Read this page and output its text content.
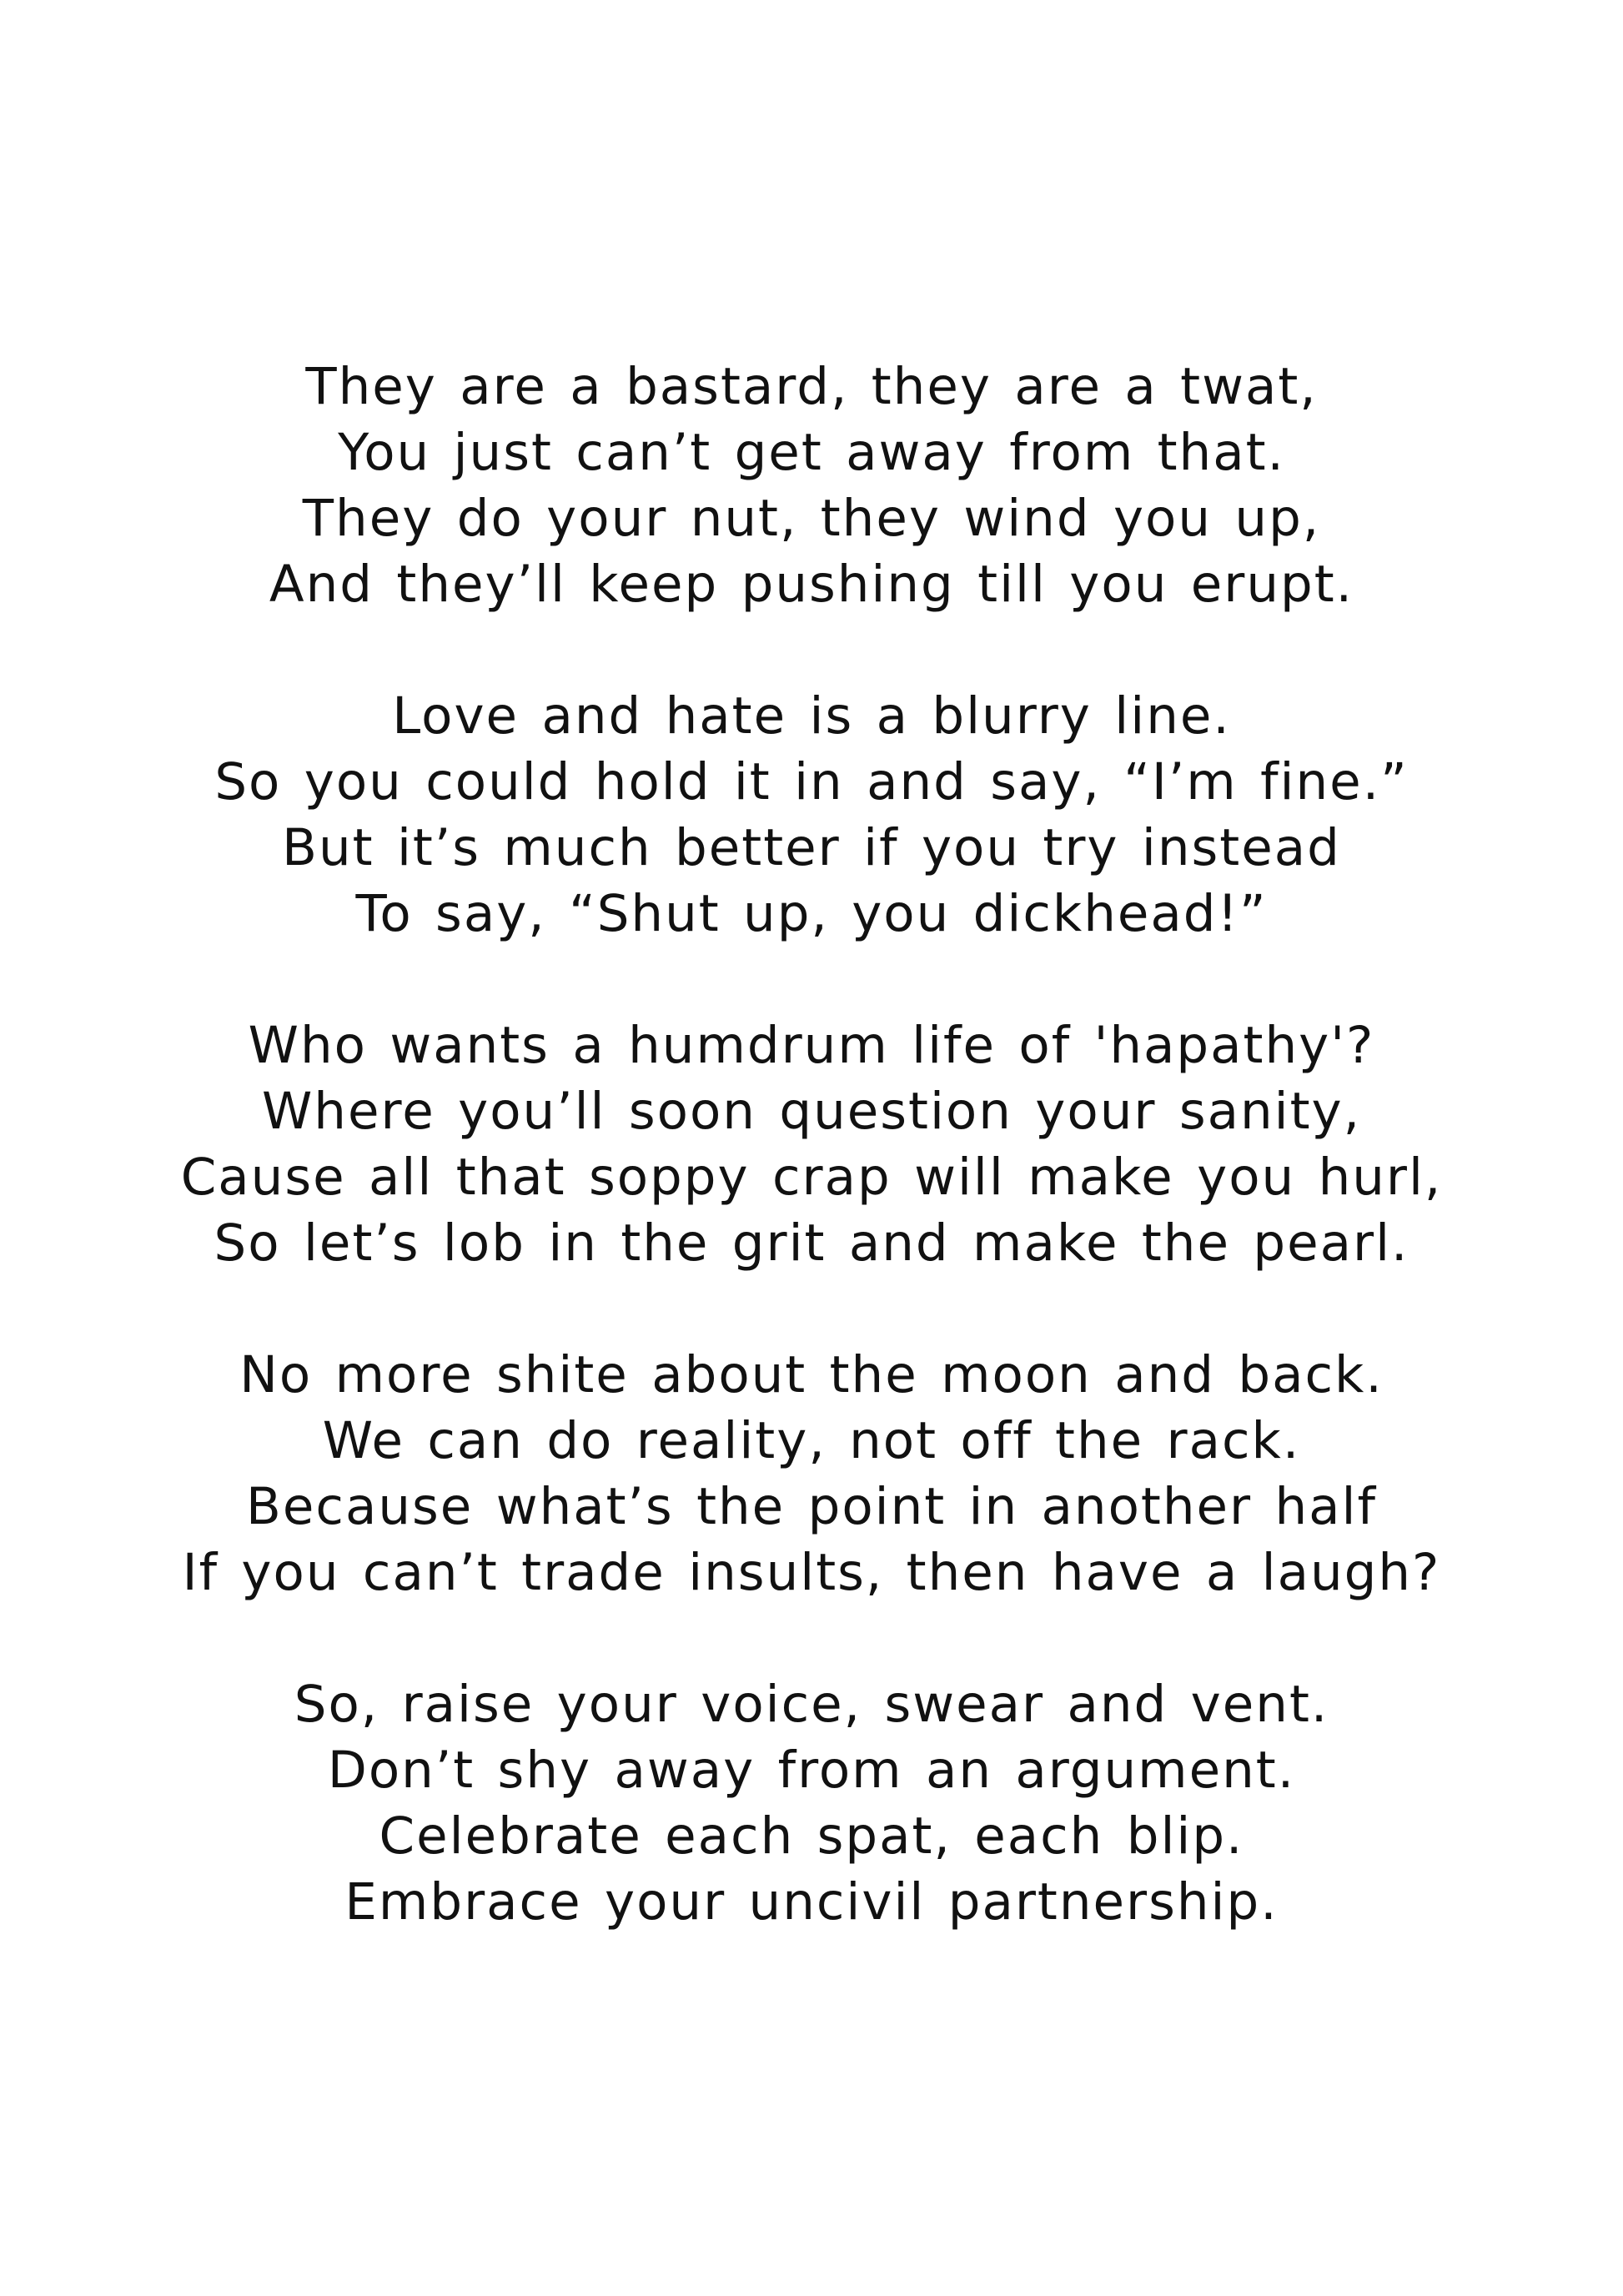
They are a bastard, they are a twat,
You just can’t get away from that.
They do your nut, they wind you up,
And they’ll keep pushing till you erupt.

Love and hate is a blurry line.
So you could hold it in and say, “I’m fine.”
But it’s much better if you try instead
To say, “Shut up, you dickhead!”

Who wants a humdrum life of 'hapathy'?
Where you’ll soon question your sanity,
Cause all that soppy crap will make you hurl,
So let’s lob in the grit and make the pearl.

No more shite about the moon and back.
We can do reality, not off the rack.
Because what’s the point in another half
If you can’t trade insults, then have a laugh?

So, raise your voice, swear and vent.
Don’t shy away from an argument.
Celebrate each spat, each blip.
Embrace your uncivil partnership.
